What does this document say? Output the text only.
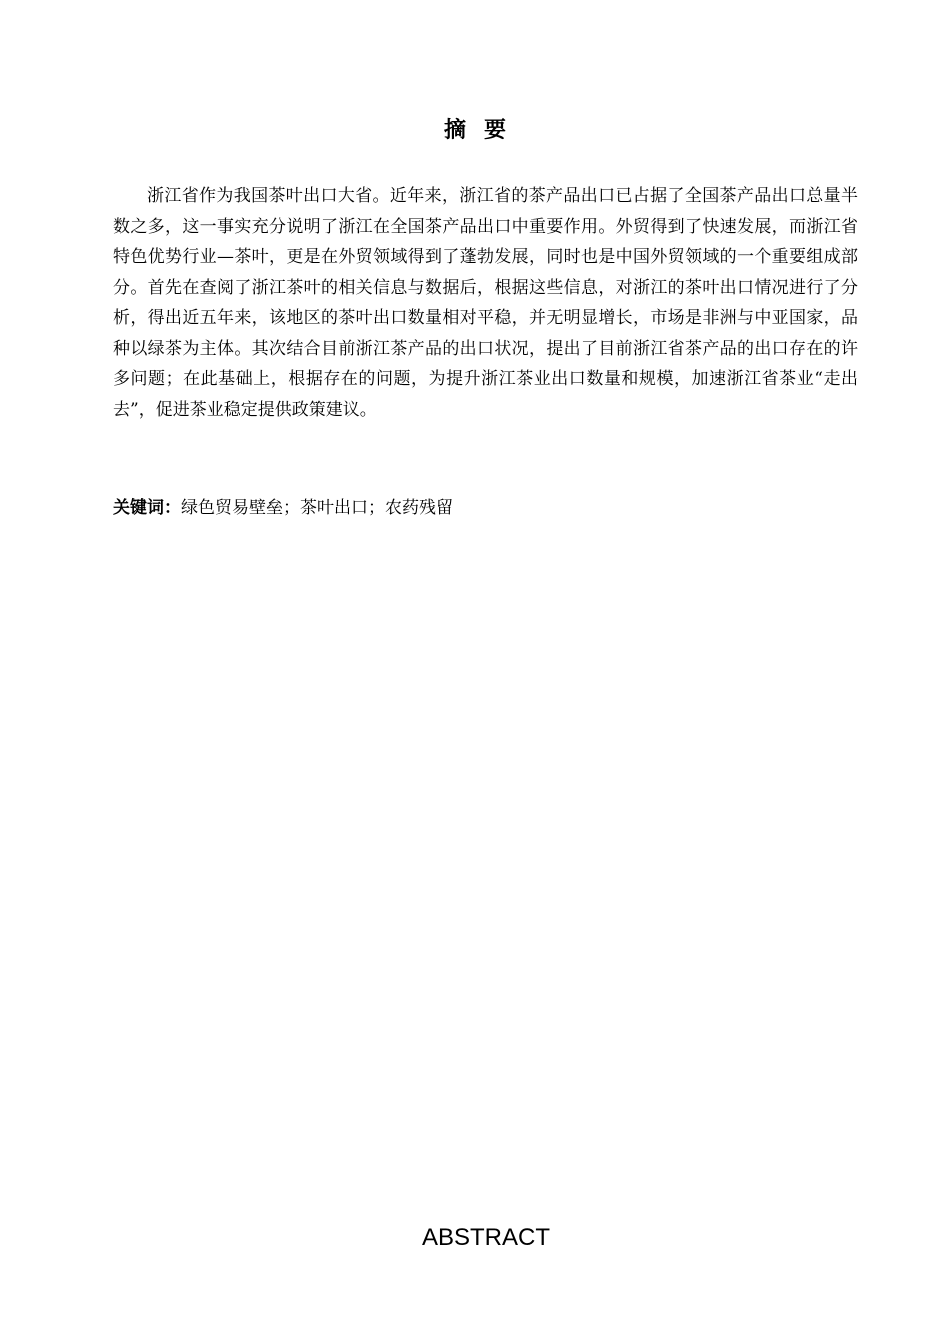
摘要

浙江省作为我国茶叶出口大省。近年来，浙江省的茶产品出口已占据了全国茶产品出口总量半数之多，这一事实充分说明了浙江在全国茶产品出口中重要作用。外贸得到了快速发展，而浙江省特色优势行业—茶叶，更是在外贸领域得到了蓬勃发展，同时也是中国外贸领域的一个重要组成部分。首先在查阅了浙江茶叶的相关信息与数据后，根据这些信息，对浙江的茶叶出口情况进行了分析，得出近五年来，该地区的茶叶出口数量相对平稳，并无明显增长，市场是非洲与中亚国家，品种以绿茶为主体。其次结合目前浙江茶产品的出口状况，提出了目前浙江省茶产品的出口存在的许多问题；在此基础上，根据存在的问题，为提升浙江茶业出口数量和规模，加速浙江省茶业“走出去”，促进茶业稳定提供政策建议。

关键词：绿色贸易壁垒；茶叶出口；农药残留

ABSTRACT
